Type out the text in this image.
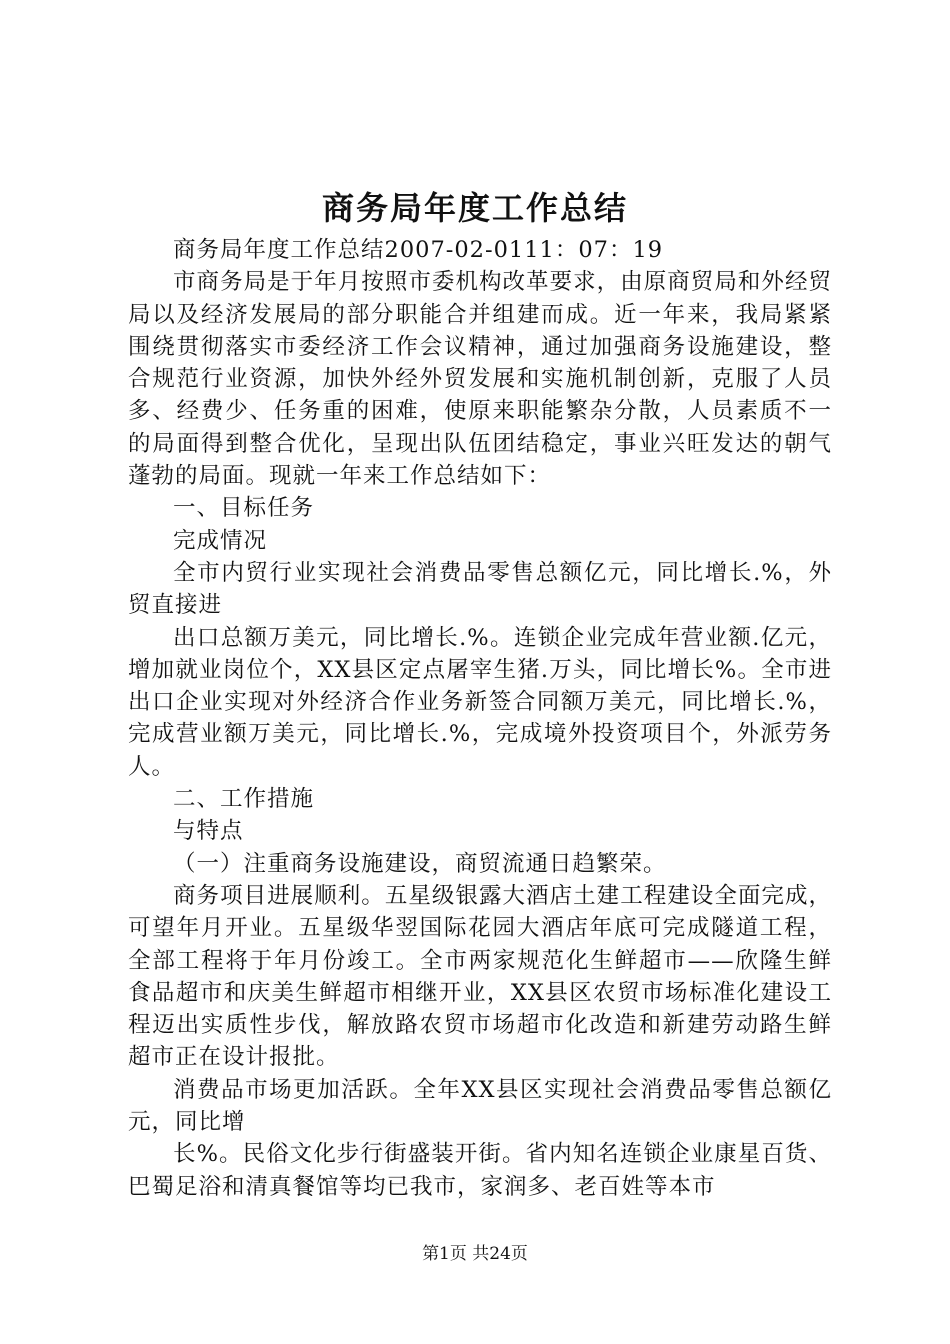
商务局年度工作总结

商务局年度工作总结2007-02-0111：07：19

市商务局是于年月按照市委机构改革要求，由原商贸局和外经贸局以及经济发展局的部分职能合并组建而成。近一年来，我局紧紧围绕贯彻落实市委经济工作会议精神，通过加强商务设施建设，整合规范行业资源，加快外经外贸发展和实施机制创新，克服了人员多、经费少、任务重的困难，使原来职能繁杂分散，人员素质不一的局面得到整合优化，呈现出队伍团结稳定，事业兴旺发达的朝气蓬勃的局面。现就一年来工作总结如下：

一、目标任务

完成情况

全市内贸行业实现社会消费品零售总额亿元，同比增长.%，外贸直接进

出口总额万美元，同比增长.%。连锁企业完成年营业额.亿元，增加就业岗位个，XX县区定点屠宰生猪.万头，同比增长%。全市进出口企业实现对外经济合作业务新签合同额万美元，同比增长.%，完成营业额万美元，同比增长.%，完成境外投资项目个，外派劳务人。

二、工作措施

与特点

（一）注重商务设施建设，商贸流通日趋繁荣。

商务项目进展顺利。五星级银露大酒店土建工程建设全面完成，可望年月开业。五星级华翌国际花园大酒店年底可完成隧道工程，全部工程将于年月份竣工。全市两家规范化生鲜超市——欣隆生鲜食品超市和庆美生鲜超市相继开业，XX县区农贸市场标准化建设工程迈出实质性步伐，解放路农贸市场超市化改造和新建劳动路生鲜超市正在设计报批。

消费品市场更加活跃。全年XX县区实现社会消费品零售总额亿元，同比增

长%。民俗文化步行街盛装开街。省内知名连锁企业康星百货、巴蜀足浴和清真餐馆等均已我市，家润多、老百姓等本市

第1页 共24页
